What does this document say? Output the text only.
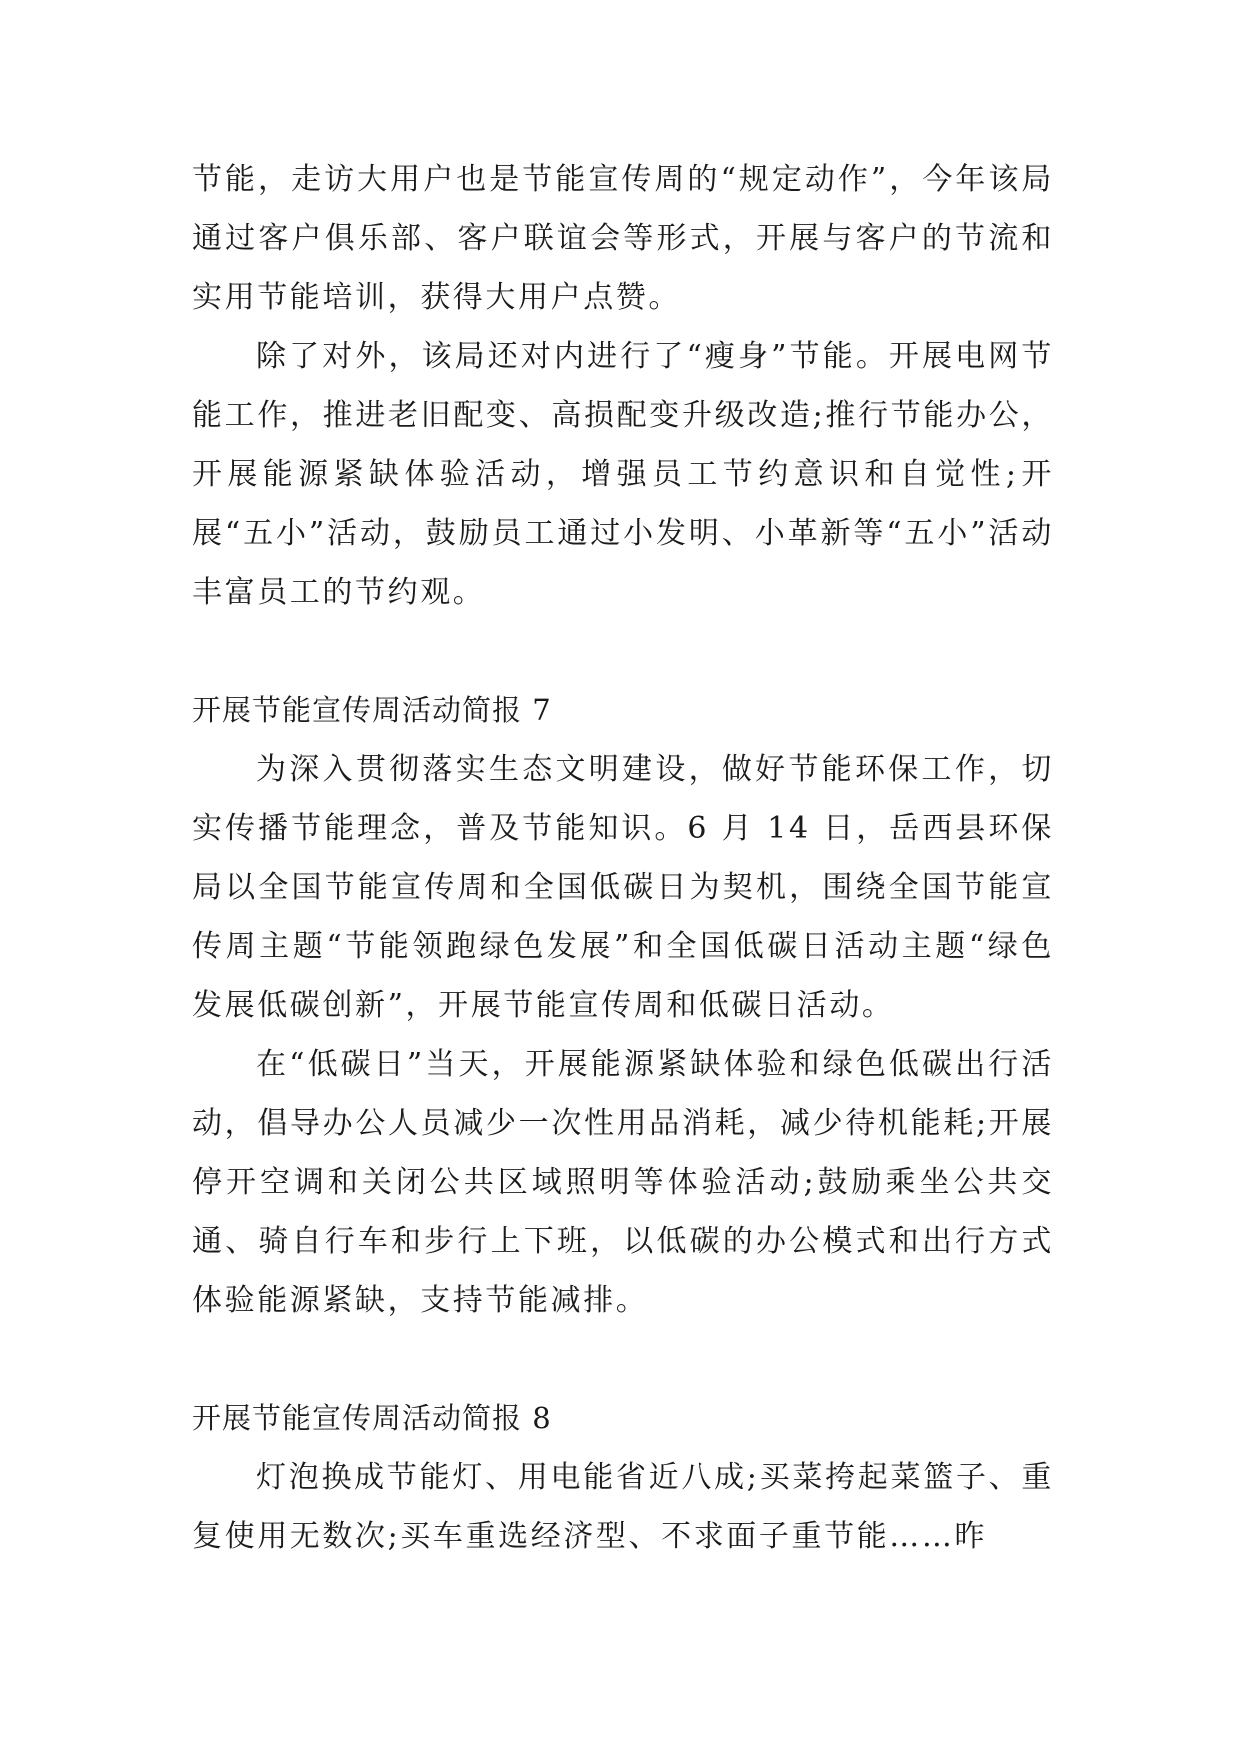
节能，走访大用户也是节能宣传周的“规定动作”，今年该局通过客户俱乐部、客户联谊会等形式，开展与客户的节流和实用节能培训，获得大用户点赞。

除了对外，该局还对内进行了“瘦身”节能。开展电网节能工作，推进老旧配变、高损配变升级改造;推行节能办公，开展能源紧缺体验活动，增强员工节约意识和自觉性;开展“五小”活动，鼓励员工通过小发明、小革新等“五小”活动丰富员工的节约观。

开展节能宣传周活动简报 7

为深入贯彻落实生态文明建设，做好节能环保工作，切实传播节能理念，普及节能知识。6 月 14 日，岳西县环保局以全国节能宣传周和全国低碳日为契机，围绕全国节能宣传周主题“节能领跑绿色发展”和全国低碳日活动主题“绿色发展低碳创新”，开展节能宣传周和低碳日活动。

在“低碳日”当天，开展能源紧缺体验和绿色低碳出行活动，倡导办公人员减少一次性用品消耗，减少待机能耗;开展停开空调和关闭公共区域照明等体验活动;鼓励乘坐公共交通、骑自行车和步行上下班，以低碳的办公模式和出行方式体验能源紧缺，支持节能减排。

开展节能宣传周活动简报 8

灯泡换成节能灯、用电能省近八成;买菜挎起菜篮子、重复使用无数次;买车重选经济型、不求面子重节能……昨
